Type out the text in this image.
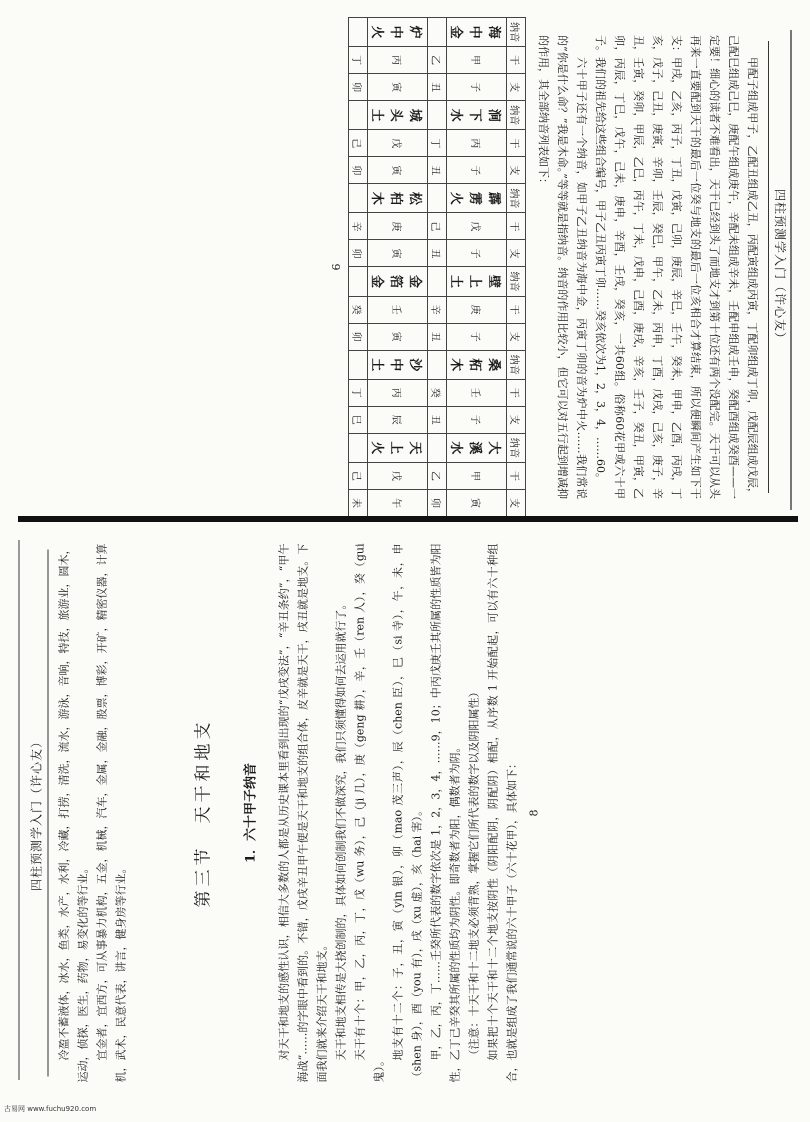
四柱预测学入门（许心友）

甲配子组成甲子，乙配丑组成乙丑，丙配寅组成丙寅，丁配卯组成丁卯，戊配辰组成戊辰，己配巳组成己巳，庚配午组成庚午，辛配未组成辛未，壬配申组成壬申，癸配酉组成癸酉——一定要！细心的读者不难看出，天干已经到头了而地支才到第十位还有两个没配完。天干可以从头再来一直要配到天干的最后一位癸与地支的最后一位亥相合才算结束，所以便瞬间产生如下干支：甲戌，乙亥，丙子，丁丑，戊寅，己卯，庚辰，辛巳，壬午，癸未，甲申，乙酉，丙戌，丁亥，戊子，己丑，庚寅，辛卯，壬辰，癸巳，甲午，乙未，丙申，丁酉，戊戌，己亥，庚子，辛丑，壬寅，癸卯，甲辰，乙巳，丙午，丁未，戊申，己酉，庚戌，辛亥，壬子，癸丑，甲寅，乙卯，丙辰，丁巳，戊午，己未，庚申，辛酉，壬戌，癸亥，一共60组。俗称60花甲或六十甲子。我们的祖先给这些组合编号，甲子乙丑丙寅丁卯……癸亥依次为1，2，3，4，……60。

六十甲子还有一个纳音，如甲子乙丑纳音为海中金，丙寅丁卯的音为炉中火……我们常说的“你是什么命？”我是木命。”等等就是指纳音。纳音的作用比较小，但它可以对五行起到增减抑的作用，其全部纳音列表如下：

纳音	干	支	纳音	干	支	纳音	干	支	纳音	干	支	纳音	干	支	纳音	干	支
海中金	甲	子	涧下水	丙	子	霹雳火	戊	子	壁上土	庚	子	桑柘木	壬	子	大溪水	甲	寅
	乙	丑		丁	丑		己	丑		辛	丑		癸	丑		乙	卯
炉中火	丙	寅	城头土	戊	寅	松柏木	庚	寅	金箔金	壬	寅	沙中土	丙	辰	天上火	戊	午
	丁	卯		己	卯		辛	卯		癸	卯		丁	巳		己	未
9
四柱预测学入门（许心友）	冷盈不蓄液体，冰水，鱼类，水产，水利，冷藏，打捞，清洗，流水，游泳，音响，特技，旅游业，圆木，运动，侦探，医生，药物，易变化的等行业。 宜金者，宜西方，可从事暴力机构，五金，机械，汽车，金属，金融，股票，博彩，开矿，精密仪器，计算机，武术，民意代表，讲言，健身房等行业。

第三节　天干和地支	1．六十甲子纳音 对天干和地支的感性认识，相信大多数的人都是从历史课本里看到出现的“戊戌变法”，“辛丑条约”，“甲午海战”……的字眼中看到的。不错，戊戌辛丑甲午便是天干和地支的组合体，皮辛就是天干，戌丑就是地支。下面我们就来介绍天干和地支。 天干和地支相传是大挠创制的，具体如何创制我们不做深究，我们只须懂得如何去运用就行了。 天干有十个：甲，乙，丙，丁，戊（wu 务），己（ji 几），庚（geng 耕），辛，壬（ren 人），癸（gui 鬼）。

地支有十二个：子，丑，寅（yin 银），卯（mao 茂三声），辰（chen 臣），巳（si 寺），午，未，申（shen 身），酉（you 有），戌（xu 虚），亥（hai 害）。 甲，乙，丙，丁……壬癸所代表的数字依次是 1，2，3，4，……9，10；中丙戊庚壬其所属的性质皆为阳性，乙丁己辛癸其所属的性质均为阴性。即奇数者为阳，偶数者为阴。 （注意：十天干和十二地支必须背熟，掌握它们所代表的数字以及阴阳属性） 如果把十个天干和十二个地支按阴性（阴阳配阴，阴配阴）相配，从序数 1 开始配起，可以有六十种组合，也就是组成了我们通常说的六十甲子（六十花甲），具体如下： 8
古易网 www.fuchu920.com
